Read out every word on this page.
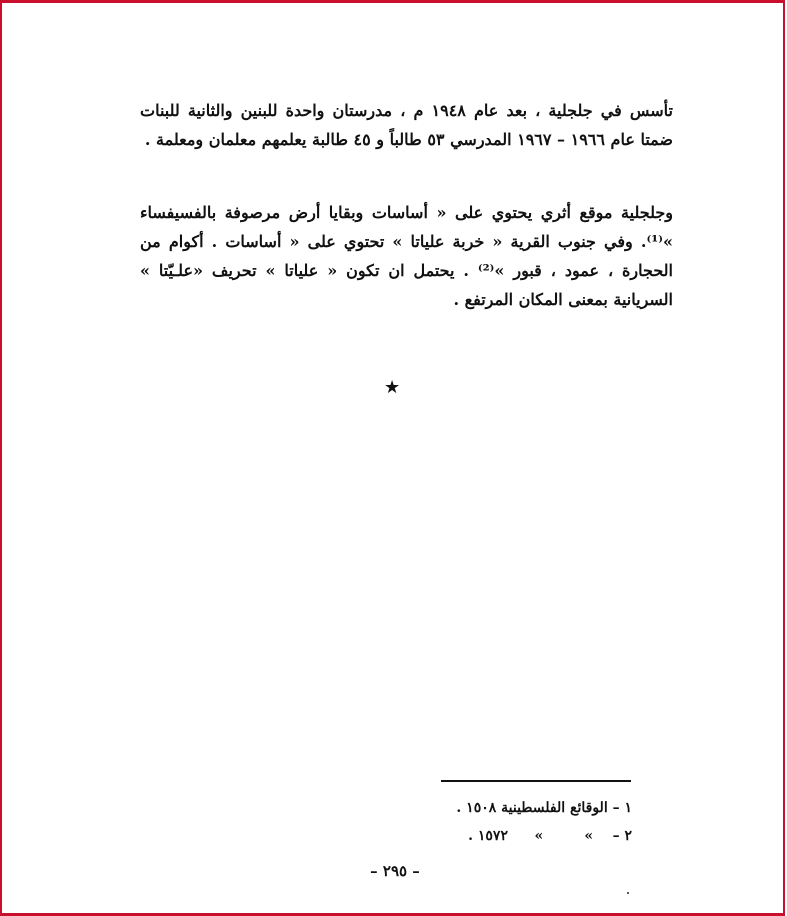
تأسس في جلجلية ، بعد عام ١٩٤٨ م ، مدرستان واحدة للبنين والثانية للبنات ضمتا عام ١٩٦٦ – ١٩٦٧ المدرسي ٥٣ طالباً و ٤٥ طالبة يعلمهم معلمان ومعلمة .

وجلجلية موقع أثري يحتوي على « أساسات وبقايا أرض مرصوفة بالفسيفساء »⁽¹⁾. وفي جنوب القرية « خربة علياتا » تحتوي على « أساسات . أكوام من الحجارة ، عمود ، قبور »⁽²⁾ . يحتمل ان تكون « علياتا » تحريف «علـيّتا » السريانية بمعنى المكان المرتفع .

★

١ – الوقائع الفلسطينية ١٥٠٨ .

٢ – » » ١٥٧٢ .

– ٢٩٥ –
